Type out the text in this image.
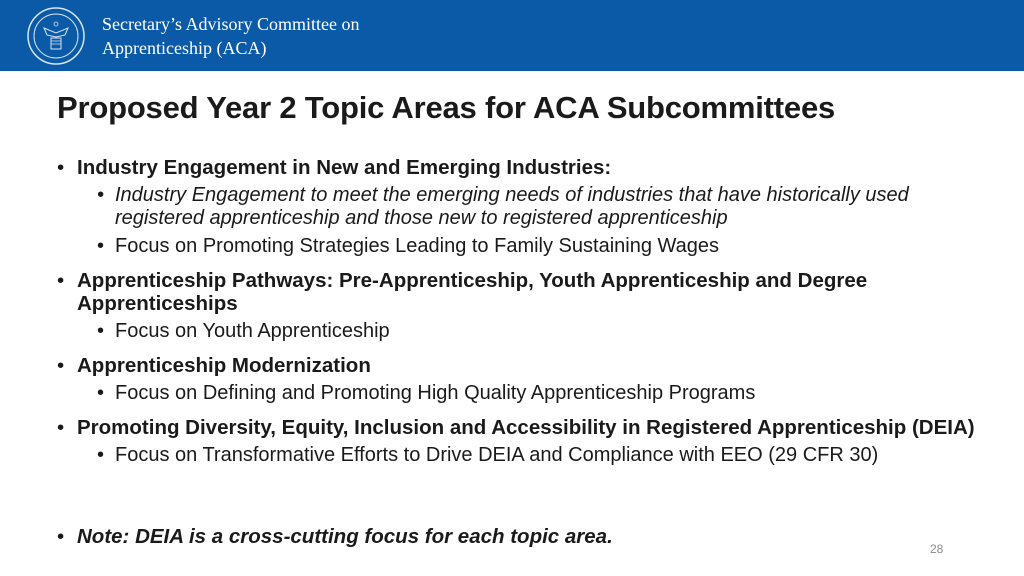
Secretary’s Advisory Committee on
Apprenticeship (ACA)
Proposed Year 2 Topic Areas for ACA Subcommittees
• Industry Engagement in New and Emerging Industries:
• Industry Engagement to meet the emerging needs of industries that have historically used registered apprenticeship and those new to registered apprenticeship
• Focus on Promoting Strategies Leading to Family Sustaining Wages
• Apprenticeship Pathways: Pre-Apprenticeship, Youth Apprenticeship and Degree Apprenticeships
• Focus on Youth Apprenticeship
• Apprenticeship Modernization
• Focus on Defining and Promoting High Quality Apprenticeship Programs
• Promoting Diversity, Equity, Inclusion and Accessibility in Registered Apprenticeship (DEIA)
• Focus on Transformative Efforts to Drive DEIA and Compliance with EEO (29 CFR 30)
• Note: DEIA is a cross-cutting focus for each topic area.
28
